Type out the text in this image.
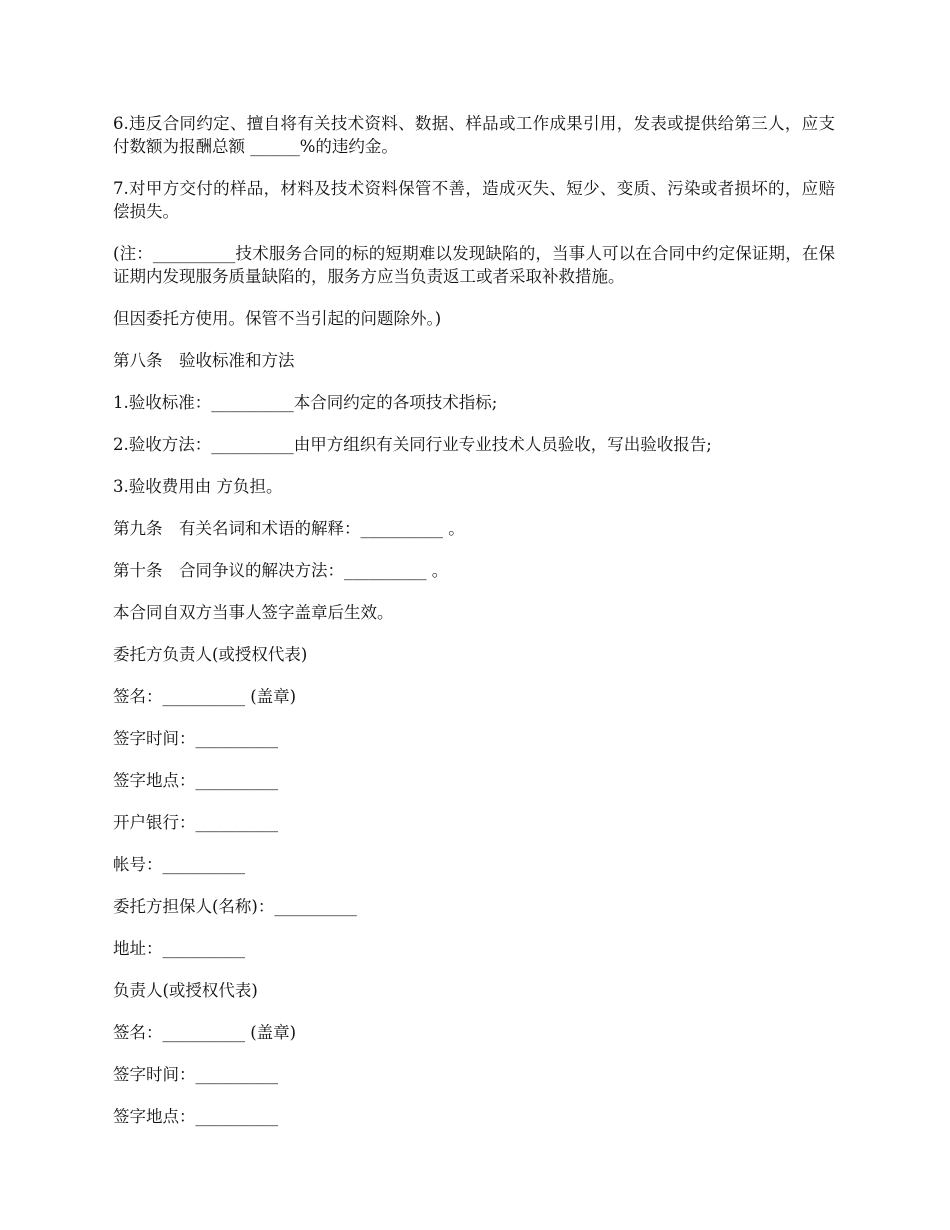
6.违反合同约定、擅自将有关技术资料、数据、样品或工作成果引用，发表或提供给第三人，应支付数额为报酬总额 ______%的违约金。

7.对甲方交付的样品，材料及技术资料保管不善，造成灭失、短少、变质、污染或者损坏的，应赔偿损失。

(注：__________技术服务合同的标的短期难以发现缺陷的，当事人可以在合同中约定保证期，在保证期内发现服务质量缺陷的，服务方应当负责返工或者采取补救措施。

但因委托方使用。保管不当引起的问题除外。)

第八条　验收标准和方法

1.验收标准：__________本合同约定的各项技术指标;

2.验收方法：__________由甲方组织有关同行业专业技术人员验收，写出验收报告;

3.验收费用由 方负担。

第九条　有关名词和术语的解释：__________ 。

第十条　合同争议的解决方法：__________ 。

本合同自双方当事人签字盖章后生效。

委托方负责人(或授权代表)

签名：__________ (盖章)

签字时间：__________

签字地点：__________

开户银行：__________

帐号：__________

委托方担保人(名称)：__________

地址：__________

负责人(或授权代表)

签名：__________ (盖章)

签字时间：__________

签字地点：__________
